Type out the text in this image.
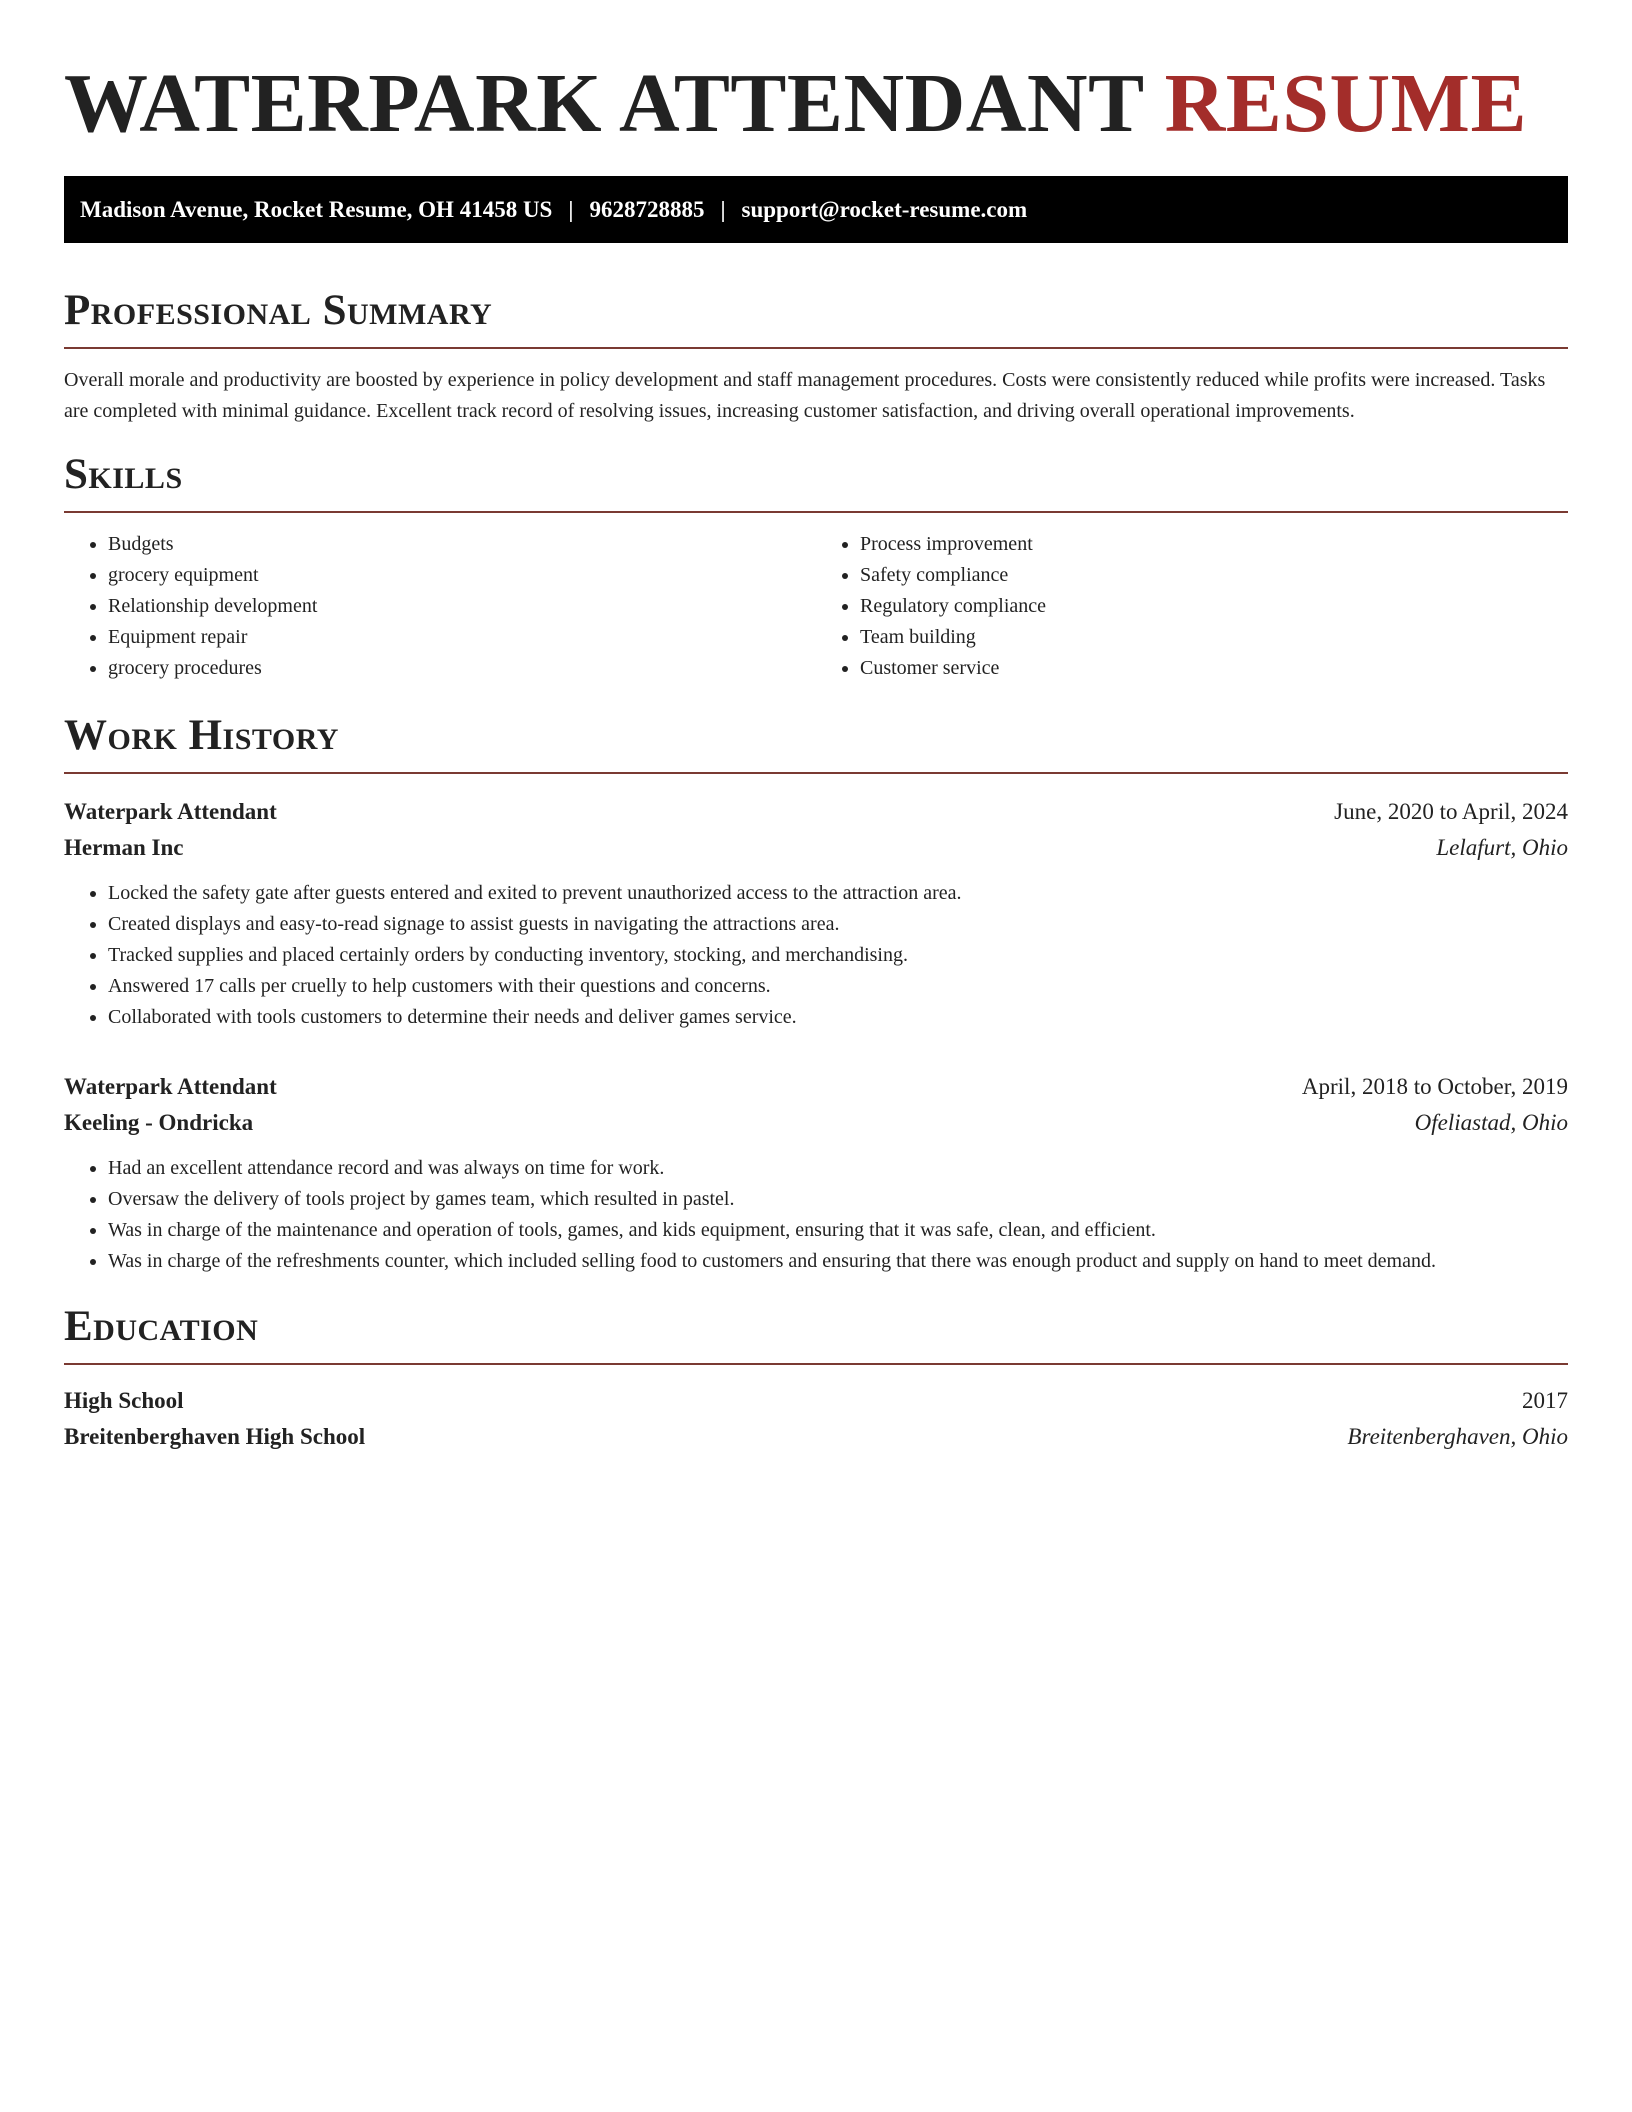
WATERPARK ATTENDANT RESUME
Madison Avenue, Rocket Resume, OH 41458 US | 9628728885 | support@rocket-resume.com
Professional Summary

Overall morale and productivity are boosted by experience in policy development and staff management procedures. Costs were consistently reduced while profits were increased. Tasks are completed with minimal guidance. Excellent track record of resolving issues, increasing customer satisfaction, and driving overall operational improvements.

Skills
• Budgets
• grocery equipment
• Relationship development
• Equipment repair
• grocery procedures
• Process improvement
• Safety compliance
• Regulatory compliance
• Team building
• Customer service
Work History
Waterpark Attendant	June, 2020 to April, 2024
Herman Inc	Lelafurt, Ohio
• Locked the safety gate after guests entered and exited to prevent unauthorized access to the attraction area.
• Created displays and easy-to-read signage to assist guests in navigating the attractions area.
• Tracked supplies and placed certainly orders by conducting inventory, stocking, and merchandising.
• Answered 17 calls per cruelly to help customers with their questions and concerns.
• Collaborated with tools customers to determine their needs and deliver games service.
Waterpark Attendant	April, 2018 to October, 2019
Keeling - Ondricka	Ofeliastad, Ohio
• Had an excellent attendance record and was always on time for work.
• Oversaw the delivery of tools project by games team, which resulted in pastel.
• Was in charge of the maintenance and operation of tools, games, and kids equipment, ensuring that it was safe, clean, and efficient.
• Was in charge of the refreshments counter, which included selling food to customers and ensuring that there was enough product and supply on hand to meet demand.
Education
High School	2017
Breitenberghaven High School	Breitenberghaven, Ohio
